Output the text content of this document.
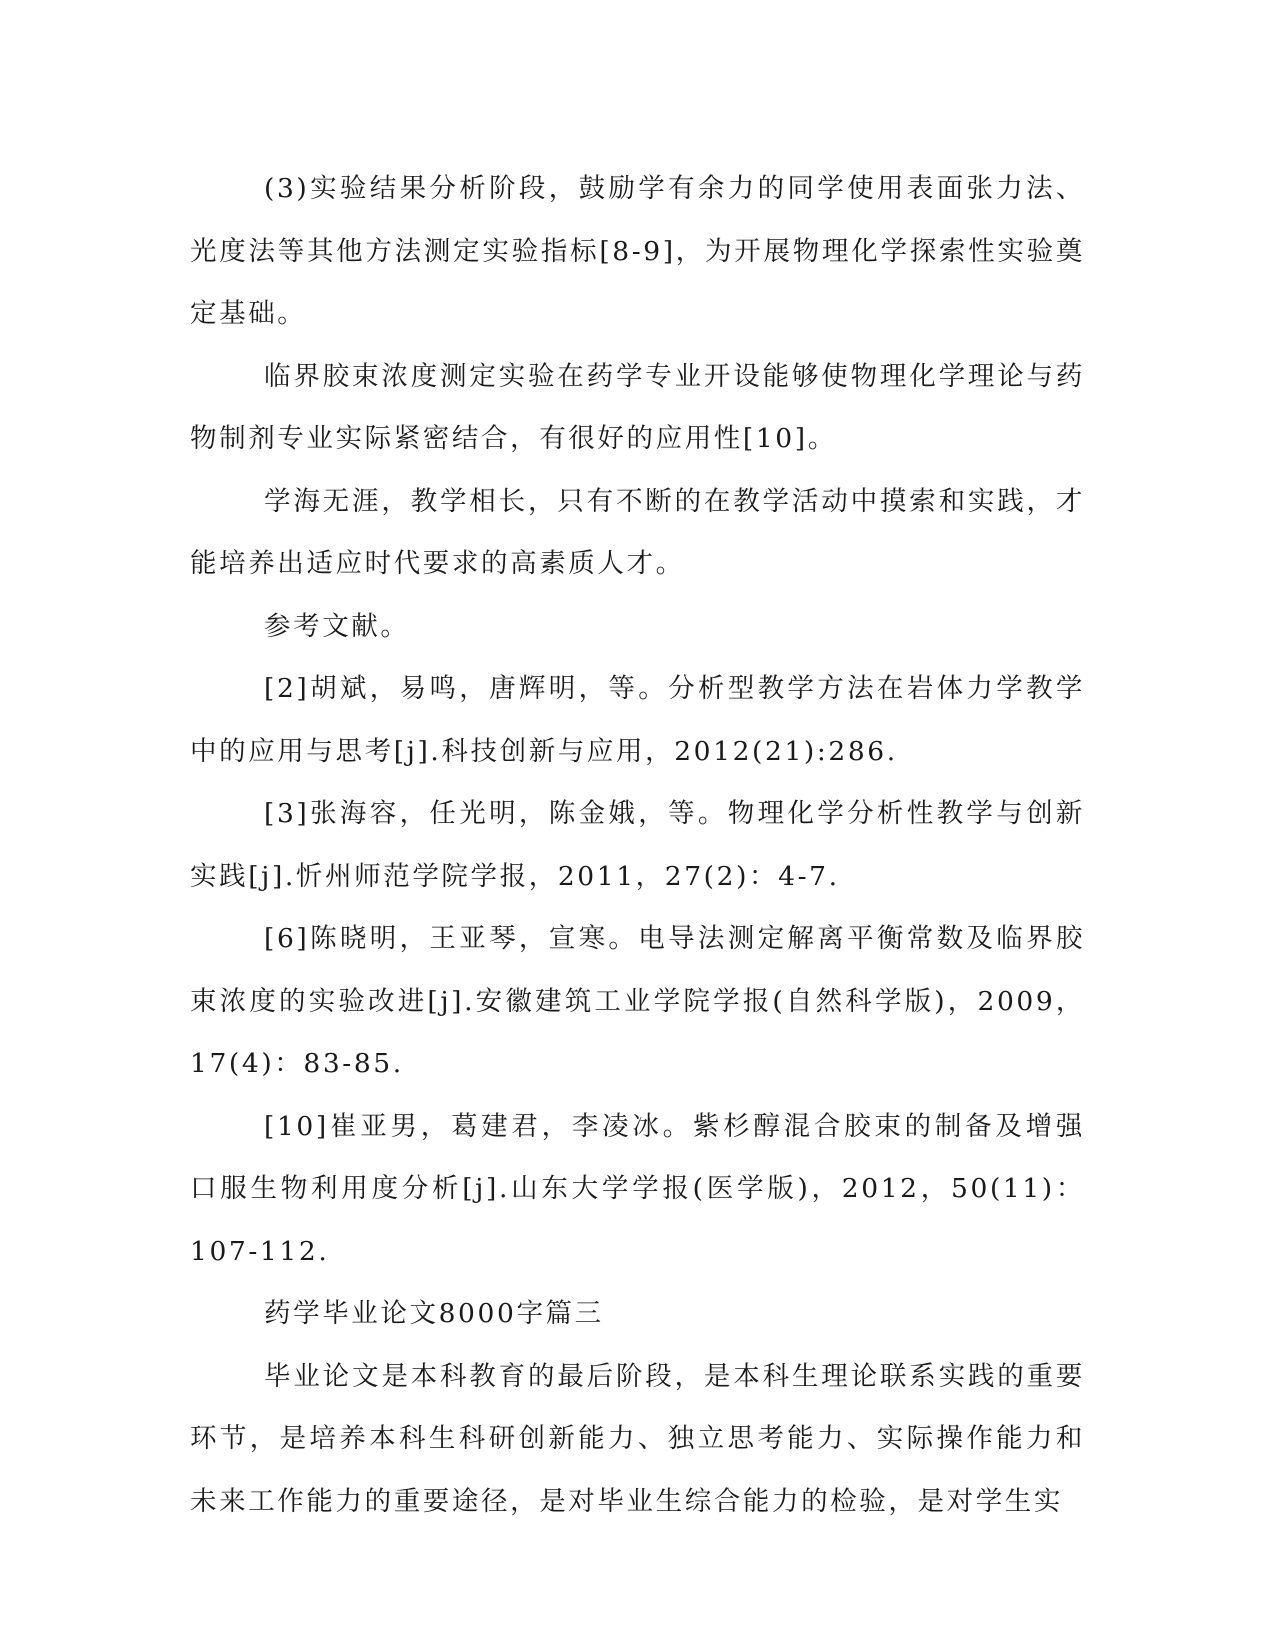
(3)实验结果分析阶段，鼓励学有余力的同学使用表面张力法、光度法等其他方法测定实验指标[8-9]，为开展物理化学探索性实验奠定基础。

临界胶束浓度测定实验在药学专业开设能够使物理化学理论与药物制剂专业实际紧密结合，有很好的应用性[10]。

学海无涯，教学相长，只有不断的在教学活动中摸索和实践，才能培养出适应时代要求的高素质人才。

参考文献。

[2]胡斌，易鸣，唐辉明，等。分析型教学方法在岩体力学教学中的应用与思考[j].科技创新与应用，2012(21):286.

[3]张海容，任光明，陈金娥，等。物理化学分析性教学与创新实践[j].忻州师范学院学报，2011，27(2)：4-7.

[6]陈晓明，王亚琴，宣寒。电导法测定解离平衡常数及临界胶束浓度的实验改进[j].安徽建筑工业学院学报(自然科学版)，2009，17(4)：83-85.

[10]崔亚男，葛建君，李凌冰。紫杉醇混合胶束的制备及增强口服生物利用度分析[j].山东大学学报(医学版)，2012，50(11)：107-112.

药学毕业论文8000字篇三

毕业论文是本科教育的最后阶段，是本科生理论联系实践的重要环节，是培养本科生科研创新能力、独立思考能力、实际操作能力和未来工作能力的重要途径，是对毕业生综合能力的检验，是对学生实
